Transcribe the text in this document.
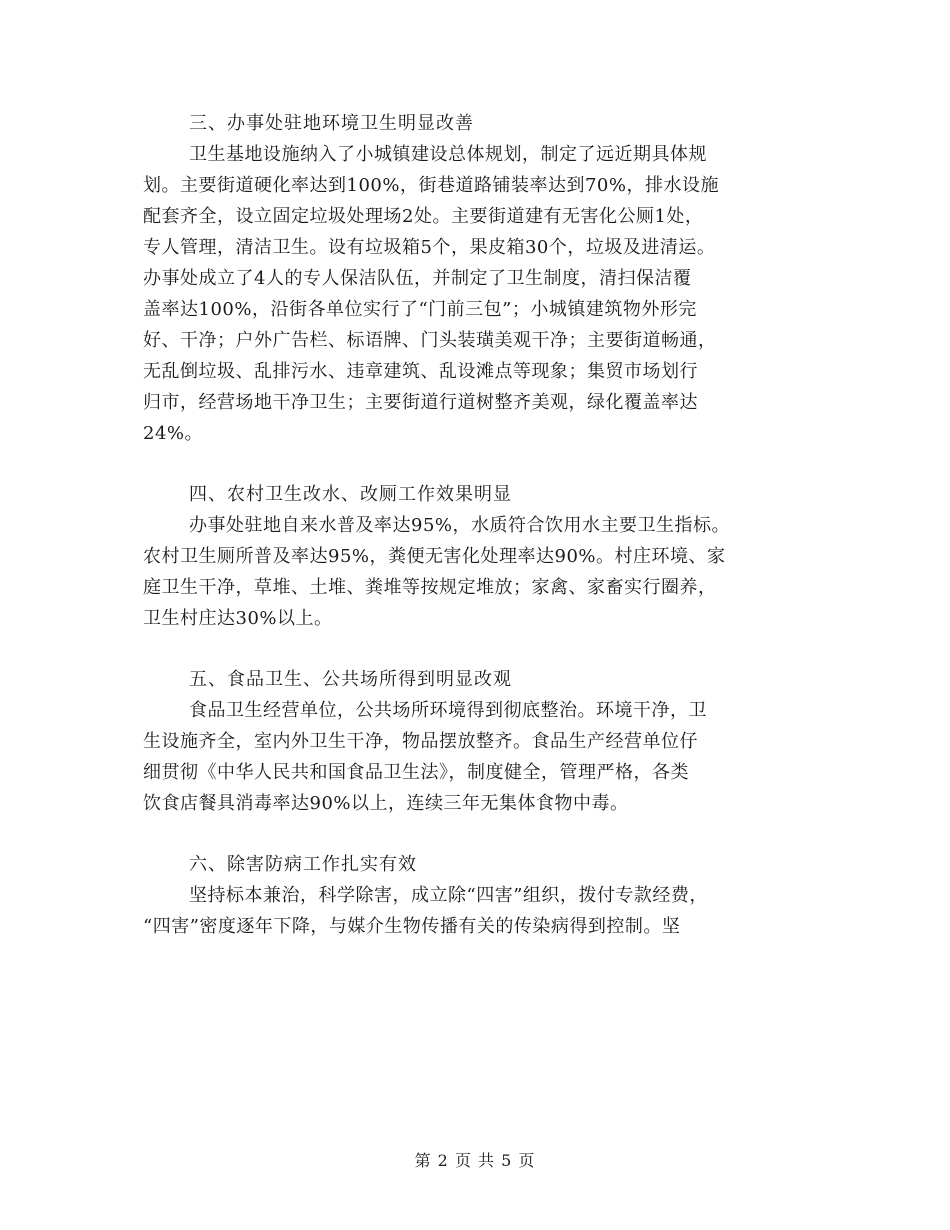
三、办事处驻地环境卫生明显改善

卫生基地设施纳入了小城镇建设总体规划，制定了远近期具体规
划。主要街道硬化率达到100%，街巷道路铺装率达到70%，排水设施
配套齐全，设立固定垃圾处理场2处。主要街道建有无害化公厕1处，
专人管理，清洁卫生。设有垃圾箱5个，果皮箱30个，垃圾及进清运。
办事处成立了4人的专人保洁队伍，并制定了卫生制度，清扫保洁覆
盖率达100%，沿街各单位实行了“门前三包”；小城镇建筑物外形完
好、干净；户外广告栏、标语牌、门头装璜美观干净；主要街道畅通，
无乱倒垃圾、乱排污水、违章建筑、乱设滩点等现象；集贸市场划行
归市，经营场地干净卫生；主要街道行道树整齐美观，绿化覆盖率达
24%。

四、农村卫生改水、改厕工作效果明显

办事处驻地自来水普及率达95%，水质符合饮用水主要卫生指标。
农村卫生厕所普及率达95%，粪便无害化处理率达90%。村庄环境、家
庭卫生干净，草堆、土堆、粪堆等按规定堆放；家禽、家畜实行圈养，
卫生村庄达30%以上。

五、食品卫生、公共场所得到明显改观

食品卫生经营单位，公共场所环境得到彻底整治。环境干净，卫
生设施齐全，室内外卫生干净，物品摆放整齐。食品生产经营单位仔
细贯彻《中华人民共和国食品卫生法》，制度健全，管理严格，各类
饮食店餐具消毒率达90%以上，连续三年无集体食物中毒。

六、除害防病工作扎实有效

坚持标本兼治，科学除害，成立除“四害”组织，拨付专款经费，
“四害”密度逐年下降，与媒介生物传播有关的传染病得到控制。坚

第 2 页 共 5 页
